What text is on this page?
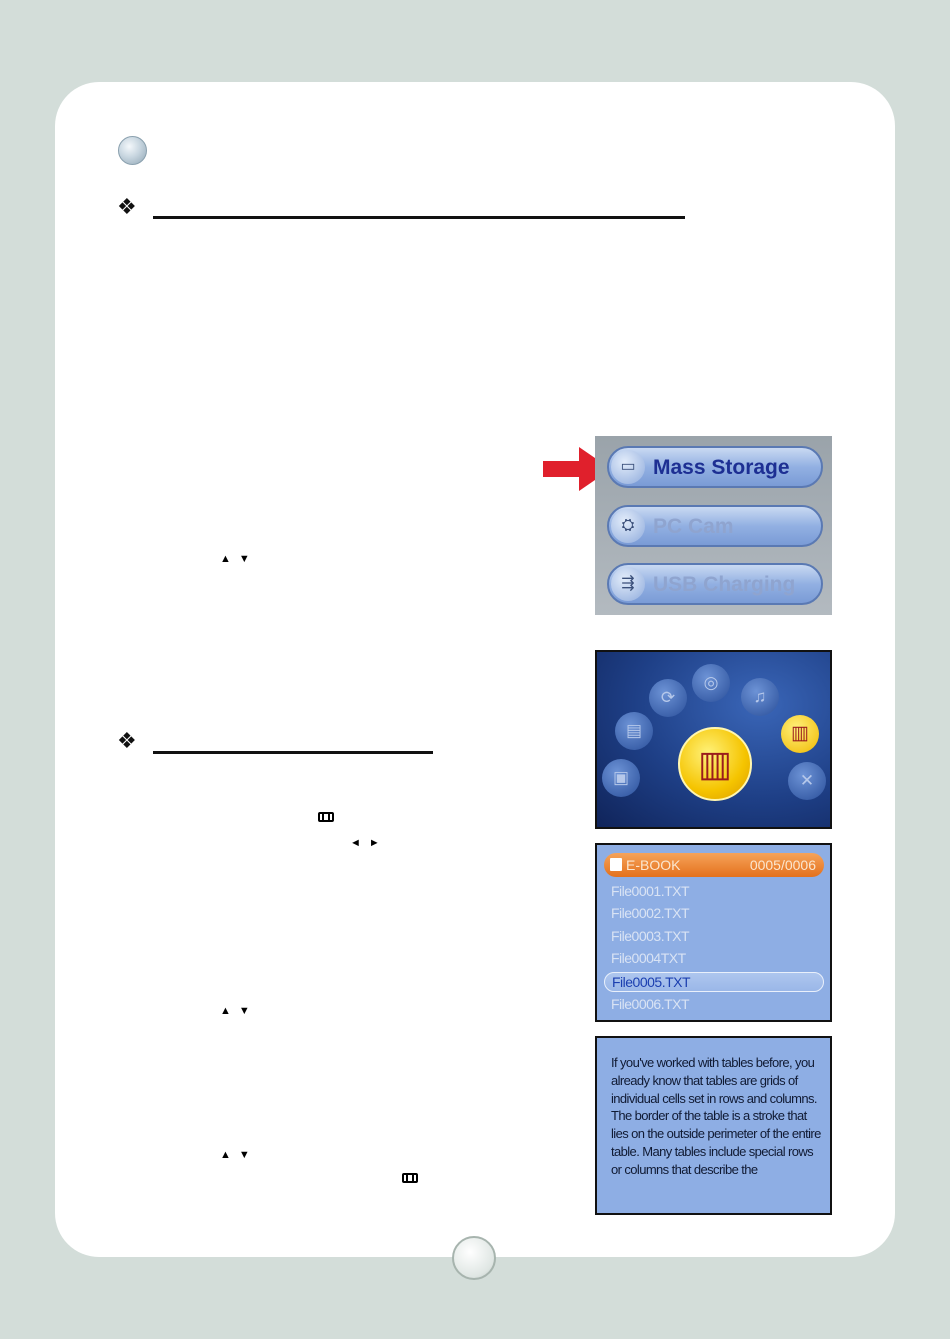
❖
▲▼
❖
◄►
▲▼
▲▼
▭ Mass Storage
⛭ PC Cam
⇶ USB Charging
▣
▤
⟳
◎
♫
▥
✕
▥
E-BOOK	0005/0006
File0001.TXT
File0002.TXT
File0003.TXT
File0004TXT
File0005.TXT
File0006.TXT
If you've worked with tables before, you already know that tables are grids of individual cells set in rows and columns. The border of the table is a stroke that lies on the outside perimeter of the entire table. Many tables include special rows or columns that describe the
